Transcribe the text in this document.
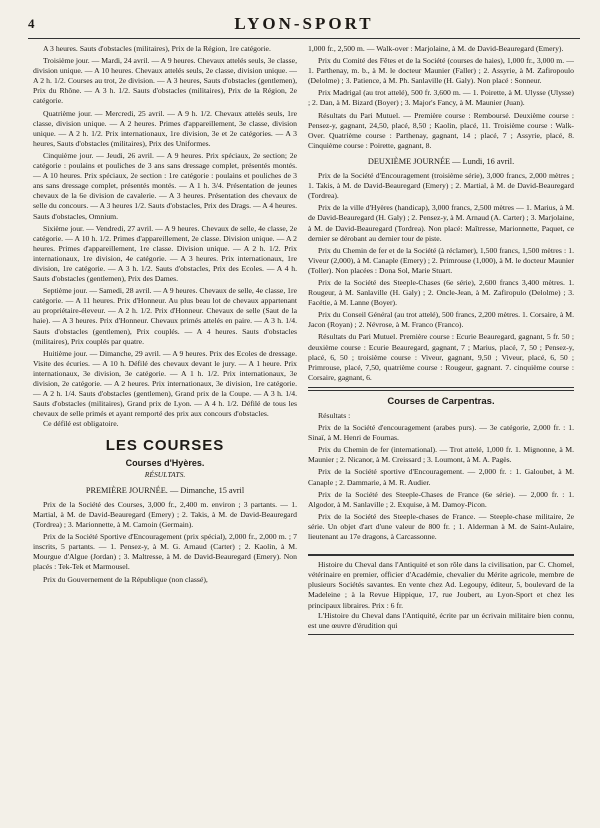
4	LYON-SPORT

A 3 heures. Sauts d'obstacles (militaires), Prix de la Région, 1re catégorie.

Troisième jour. — Mardi, 24 avril. — A 9 heures. Chevaux attelés seuls, 3e classe, division unique. — A 10 heures. Chevaux attelés seuls, 2e classe, division unique. — A 2 h. 1/2. Courses au trot, 2e division. — A 3 heures, Sauts d'obstacles (gentlemen), Prix du Rhône. — A 3 h. 1/2. Sauts d'obstacles (militaires), Prix de la Région, 2e catégorie.

Quatrième jour. — Mercredi, 25 avril. — A 9 h. 1/2. Chevaux attelés seuls, 1re classe, division unique. — A 2 heures. Primes d'appareillement, 3e classe, division unique. — A 2 h. 1/2. Prix internationaux, 1re division, 3e et 2e catégories. — A 3 heures, Sauts d'obstacles (militaires), Prix des Uniformes.

Cinquième jour. — Jeudi, 26 avril. — A 9 heures. Prix spéciaux, 2e section; 2e catégorie : poulains et pouliches de 3 ans sans dressage complet, présentés montés. — A 10 heures. Prix spéciaux, 2e section : 1re catégorie : poulains et pouliches de 3 ans sans dressage complet, présentés montés. — A 1 h. 3/4. Présentation de jeunes chevaux de la 6e division de cavalerie. — A 3 heures. Présentation des chevaux de selle du concours. — A 3 heures 1/2. Sauts d'obstacles, Prix des Drags. — A 4 heures. Sauts d'obstacles, Omnium.

Sixième jour. — Vendredi, 27 avril. — A 9 heures. Chevaux de selle, 4e classe, 2e catégorie. — A 10 h. 1/2. Primes d'appareillement, 2e classe. Division unique. — A 2 heures. Primes d'appareillement, 1re classe. Division unique. — A 2 h. 1/2. Prix internationaux, 1re division, 4e catégorie. — A 3 heures. Prix internationaux, 1re division, 1re catégorie. — A 3 h. 1/2. Sauts d'obstacles, Prix des Ecoles. — A 4 h. Sauts d'obstacles (gentlemen), Prix des Dames.

Septième jour. — Samedi, 28 avril. — A 9 heures. Chevaux de selle, 4e classe, 1re catégorie. — A 11 heures. Prix d'Honneur. Au plus beau lot de chevaux appartenant au propriétaire-éleveur. — A 2 h. 1/2. Prix d'Honneur. Chevaux de selle (Saut de la haie). — A 3 heures. Prix d'Honneur. Chevaux primés attelés en paire. — A 3 h. 1/4. Sauts d'obstacles (gentlemen), Prix couplés. — A 4 heures. Sauts d'obstacles (militaires), Prix couplés par quatre.

Huitième jour. — Dimanche, 29 avril. — A 9 heures. Prix des Ecoles de dressage. Visite des écuries. — A 10 h. Défilé des chevaux devant le jury. — A 1 heure. Prix internationaux, 3e division, 3e catégorie. — A 1 h. 1/2. Prix internationaux, 3e division, 2e catégorie. — A 2 heures. Prix internationaux, 3e division, 1re catégorie. — A 2 h. 1/4. Sauts d'obstacles (gentlemen), Grand prix de la Coupe. — A 3 h. 1/4. Sauts d'obstacles (militaires), Grand prix de Lyon. — A 4 h. 1/2. Défilé de tous les chevaux de selle primés et ayant remporté des prix aux concours d'obstacles.

Ce défilé est obligatoire.

LES COURSES
Courses d'Hyères.
RÉSULTATS.
PREMIÈRE JOURNÉE. — Dimanche, 15 avril

Prix de la Société des Courses, 3,000 fr., 2,400 m. environ ; 3 partants. — 1. Martial, à M. de David-Beauregard (Emery) ; 2. Takis, à M. de David-Beauregard (Tordrea) ; 3. Marionnette, à M. Camoin (Germain).

Prix de la Société Sportive d'Encouragement (prix spécial), 2,000 fr., 2,000 m. ; 7 inscrits, 5 partants. — 1. Pensez-y, à M. G. Arnaud (Carter) ; 2. Kaolin, à M. Mourgue d'Algue (Jordan) ; 3. Maltresse, à M. de David-Beauregard (Emery). Non placés : Tek-Tek et Marmousel.

Prix du Gouvernement de la République (non classé),

1,000 fr., 2,500 m. — Walk-over : Marjolaine, à M. de David-Beauregard (Emery).

Prix du Comité des Fêtes et de la Société (courses de haies), 1,000 fr., 3,000 m. — 1. Parthenay, m. b., à M. le docteur Maunier (Faller) ; 2. Assyrie, à M. Zafiropoulo (Delolme) ; 3. Patience, à M. Ph. Sanlaville (H. Galy). Non placé : Sonneur.

Prix Madrigal (au trot attelé), 500 fr. 3,600 m. — 1. Poirette, à M. Ulysse (Ulysse) ; 2. Dan, à M. Bizard (Boyer) ; 3. Major's Fancy, à M. Maunier (Juan).

Résultats du Pari Mutuel. — Première course : Remboursé. Deuxième course : Pensez-y, gagnant, 24,50, placé, 8,50 ; Kaolin, placé, 11. Troisième course : Walk-Over. Quatrième course : Parthenay, gagnant, 14 ; placé, 7 ; Assyrie, placé, 8. Cinquième course : Poirette, gagnant, 8.

DEUXIÈME JOURNÉE — Lundi, 16 avril.

Prix de la Société d'Encouragement (troisième série), 3,000 francs, 2,000 mètres ; 1. Takis, à M. de David-Beauregard (Emery) ; 2. Martial, à M. de David-Beauregard (Tordrea).

Prix de la ville d'Hyères (handicap), 3,000 francs, 2,500 mètres — 1. Marius, à M. de David-Beauregard (H. Galy) ; 2. Pensez-y, à M. Arnaud (A. Carter) ; 3. Marjolaine, à M. de David-Beauregard (Tordrea). Non placé: Maîtresse, Marionnette, Paquet, ce dernier se dérobant au dernier tour de piste.

Prix du Chemin de fer et de la Société (à réclamer), 1,500 francs, 1,500 mètres : 1. Viveur (2,000), à M. Canaple (Emery) ; 2. Primrouse (1,000), à M. le docteur Maunier (Toller). Non placées : Dona Sol, Marie Stuart.

Prix de la Société des Steeple-Chases (6e série), 2,600 francs 3,400 mètres. 1. Rougeur, à M. Sanlaville (H. Galy) ; 2. Oncle-Jean, à M. Zafiropulo (Delolme) ; 3. Facétie, à M. Lanne (Boyer).

Prix du Conseil Général (au trot attelé), 500 francs, 2,200 mètres. 1. Corsaire, à M. Jacon (Royan) ; 2. Névrose, à M. Franco (Franco).

Résultats du Pari Mutuel. Première course : Ecurie Beauregard, gagnant, 5 fr. 50 ; deuxième course : Ecurie Beauregard, gagnant, 7 ; Marius, placé, 7, 50 ; Pensez-y, placé, 6, 50 ; troisième course : Viveur, gagnant, 9,50 ; Viveur, placé, 6, 50 ; Primrouse, placé, 7,50, quatrième course : Rougeur, gagnant. 7. cinquième course : Corsaire, gagnant, 6.

Courses de Carpentras.

Résultats :

Prix de la Société d'encouragement (arabes purs). — 3e catégorie, 2,000 fr. : 1. Sinaï, à M. Henri de Fournas.

Prix du Chemin de fer (international). — Trot attelé, 1,000 fr. 1. Mignonne, à M. Maunier ; 2. Nicanor, à M. Creissard ; 3. Loumont, à M. A. Pagès.

Prix de la Société sportive d'Encouragement. — 2,000 fr. : 1. Galoubet, à M. Canaple ; 2. Dammarie, à M. R. Audier.

Prix de la Société des Steeple-Chases de France (6e série). — 2,000 fr. : 1. Algodor, à M. Sanlaville ; 2. Exquise, à M. Damoy-Picon.

Prix de la Société des Steeple-chases de France. — Steeple-chase militaire, 2e série. Un objet d'art d'une valeur de 800 fr. ; 1. Alderman à M. de Saint-Aulaire, lieutenant au 17e dragons, à Carcassonne.

Histoire du Cheval dans l'Antiquité et son rôle dans la civilisation, par C. Chomel, vétérinaire en premier, officier d'Académie, chevalier du Mérite agricole, membre de plusieurs Sociétés savantes. En vente chez Ad. Legoupy, éditeur, 5, boulevard de la Madeleine ; à la Revue Hippique, 17, rue Joubert, au Lyon-Sport et chez les principaux libraires. Prix : 6 fr.

L'Histoire du Cheval dans l'Antiquité, écrite par un écrivain militaire bien connu, est une œuvre d'érudition qui
